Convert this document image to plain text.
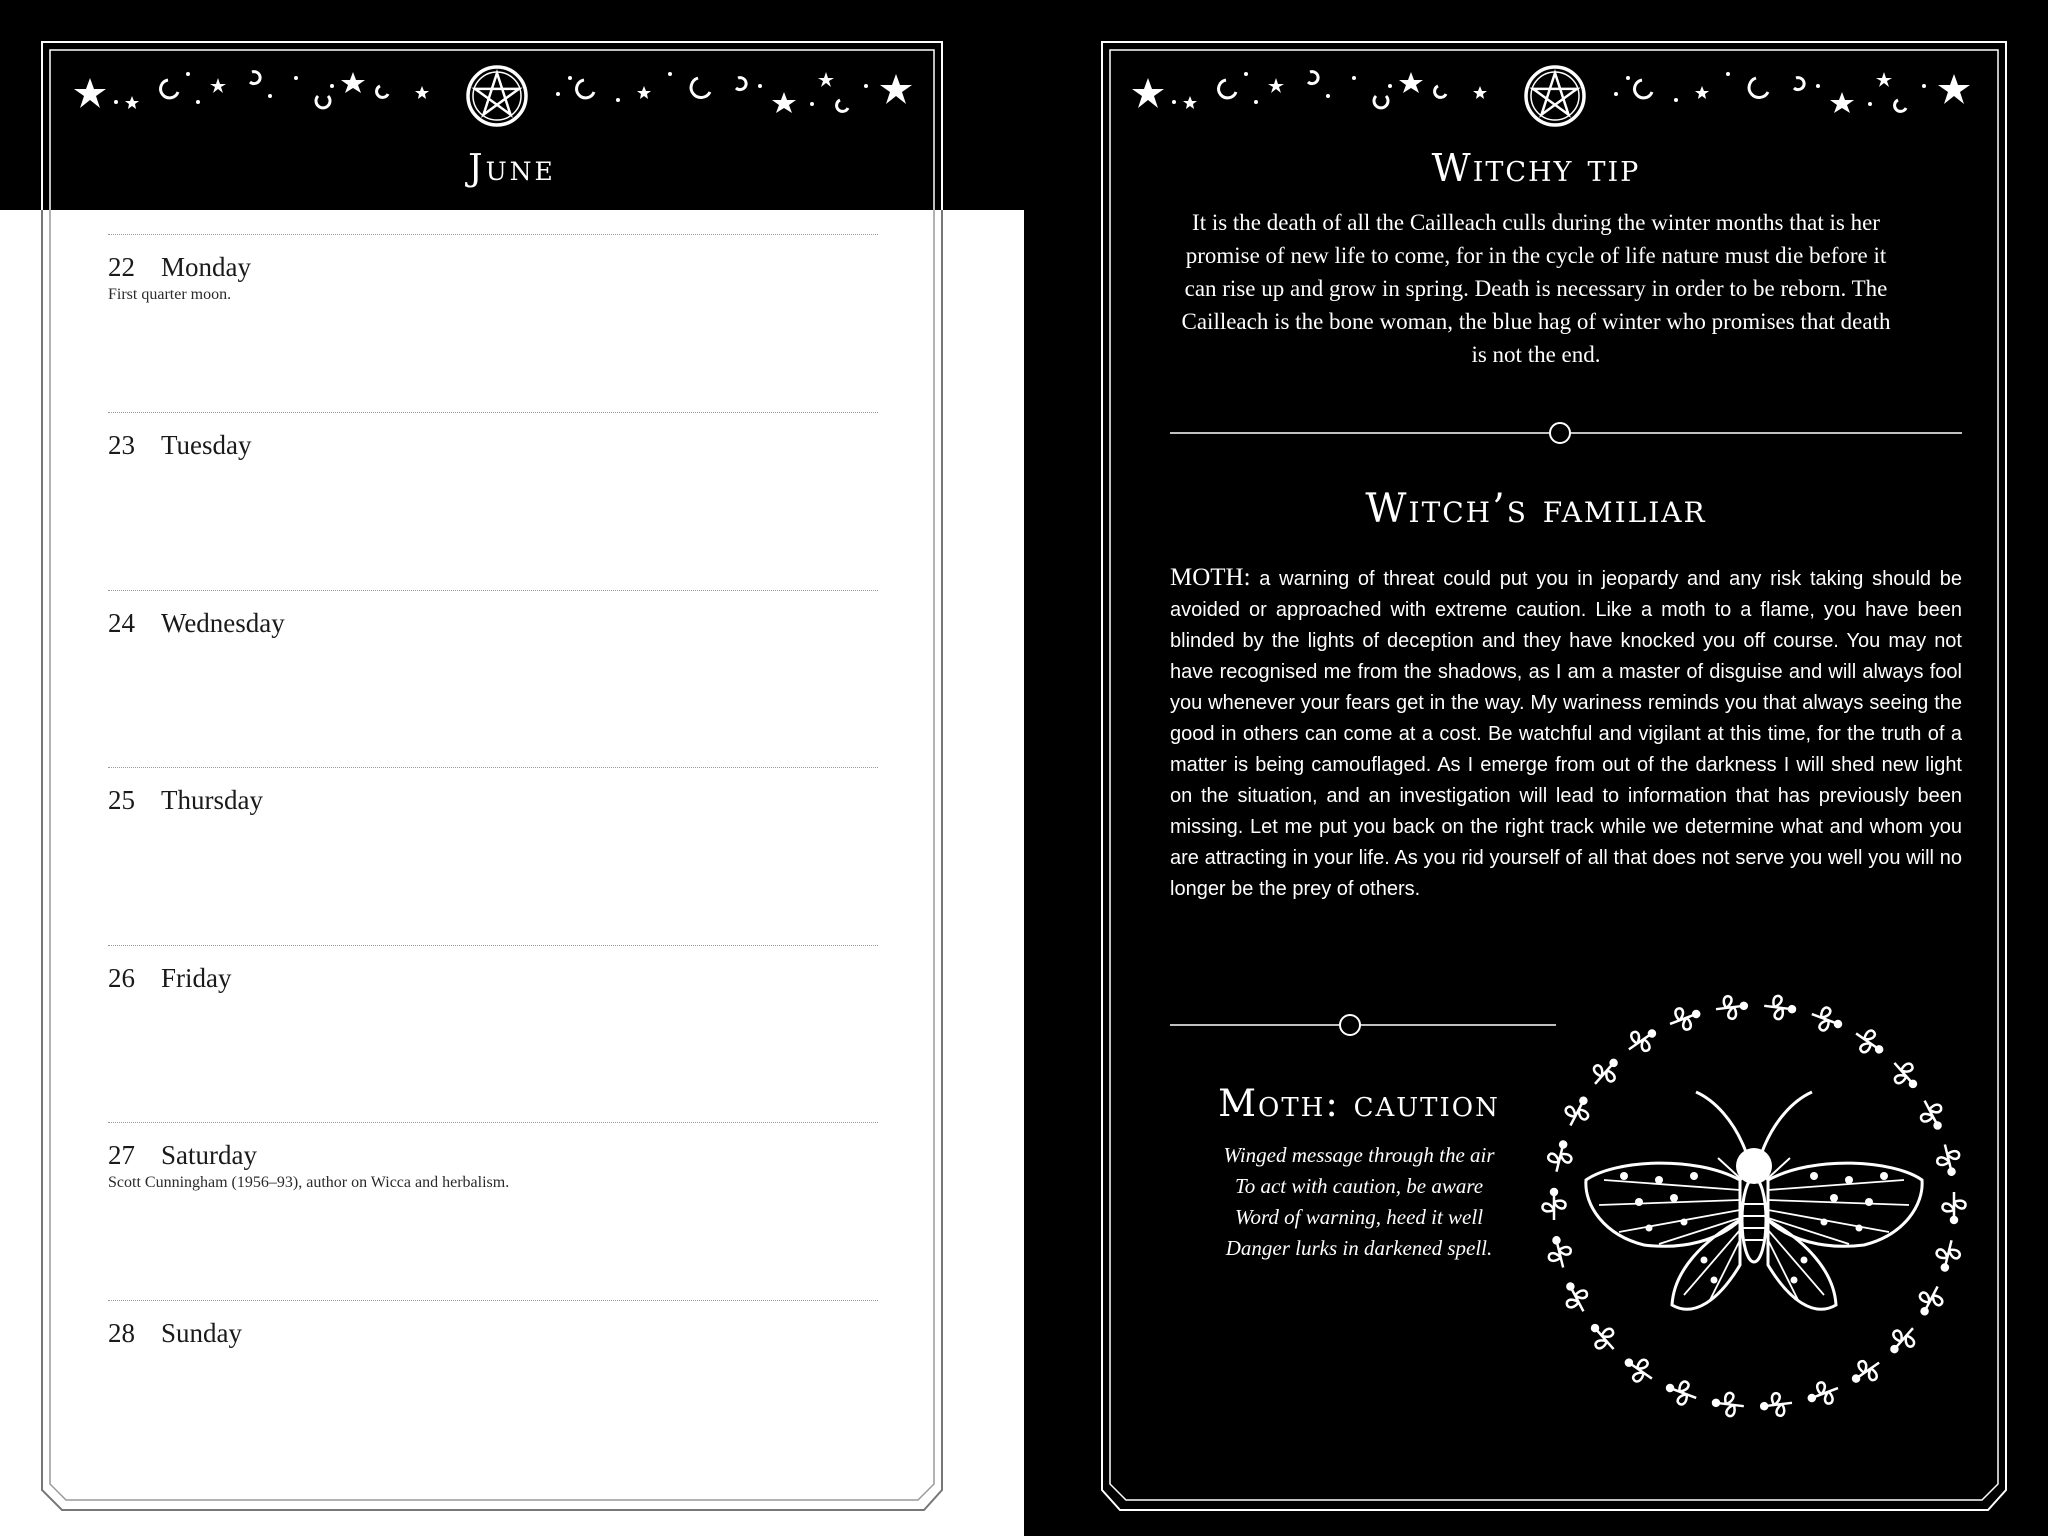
June
22 Monday
First quarter moon.
23 Tuesday
24 Wednesday
25 Thursday
26 Friday
27 Saturday
Scott Cunningham (1956–93), author on Wicca and herbalism.
28 Sunday
Witchy tip
It is the death of all the Cailleach culls during the winter months that is her promise of new life to come, for in the cycle of life nature must die before it can rise up and grow in spring. Death is necessary in order to be reborn. The Cailleach is the bone woman, the blue hag of winter who promises that death is not the end.
Witch’s familiar
MOTH: a warning of threat could put you in jeopardy and any risk taking should be avoided or approached with extreme caution. Like a moth to a flame, you have been blinded by the lights of deception and they have knocked you off course. You may not have recognised me from the shadows, as I am a master of disguise and will always fool you whenever your fears get in the way. My wariness reminds you that always seeing the good in others can come at a cost. Be watchful and vigilant at this time, for the truth of a matter is being camouflaged. As I emerge from out of the darkness I will shed new light on the situation, and an investigation will lead to information that has previously been missing. Let me put you back on the right track while we determine what and whom you are attracting in your life. As you rid yourself of all that does not serve you well you will no longer be the prey of others.
Moth: caution
Winged message through the air
To act with caution, be aware
Word of warning, heed it well
Danger lurks in darkened spell.
